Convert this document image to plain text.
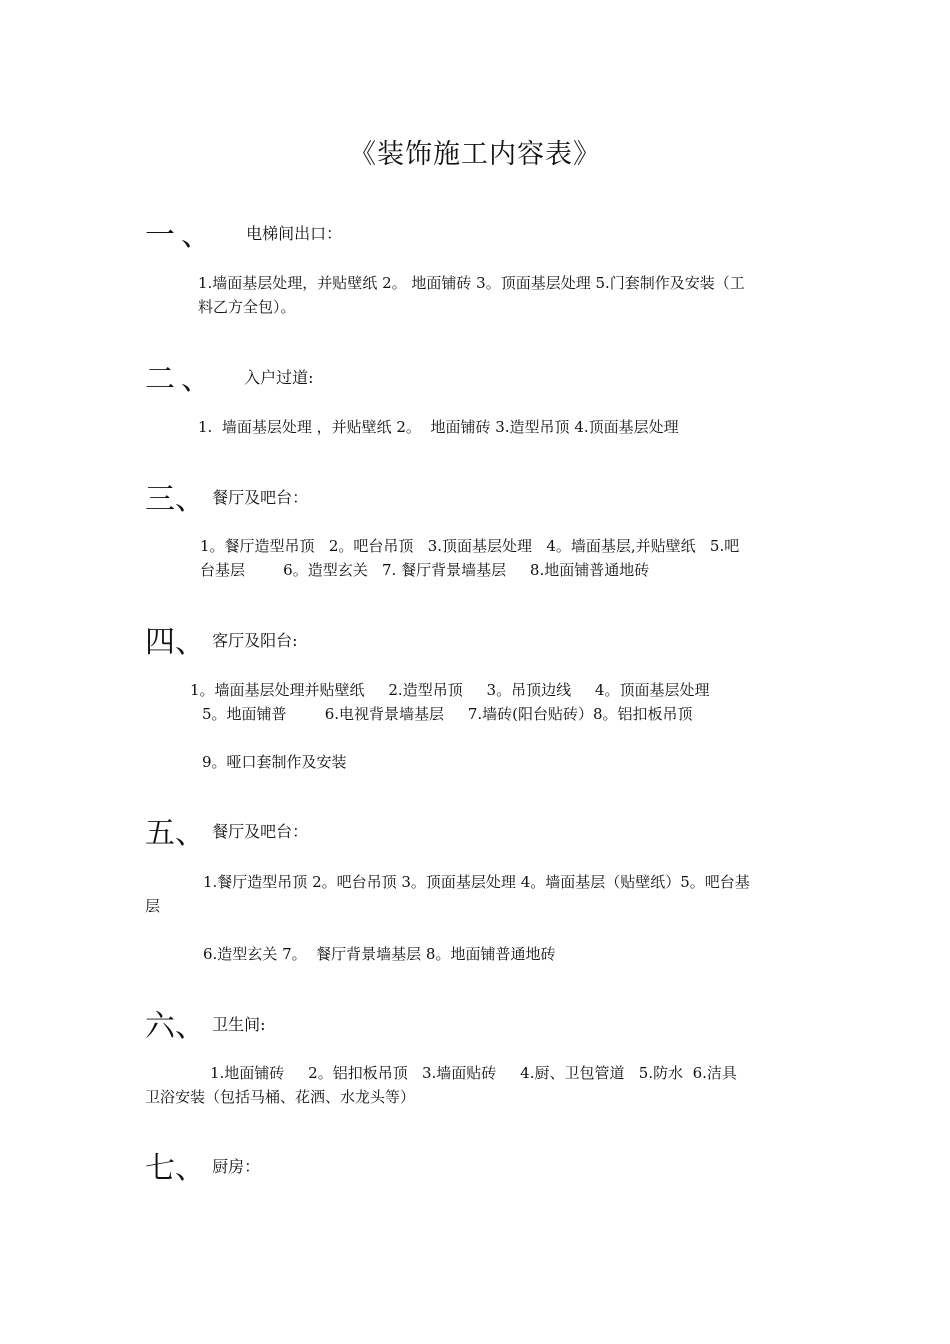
《装饰施工内容表》
一、 电梯间出口：
1.墙面基层处理，并贴壁纸 2。 地面铺砖 3。顶面基层处理 5.门套制作及安装（工
料乙方全包）。
二、 入户过道:
1.  墙面基层处理 ，并贴壁纸 2。  地面铺砖 3.造型吊顶 4.顶面基层处理
三、 餐厅及吧台：
1。餐厅造型吊顶   2。吧台吊顶   3.顶面基层处理   4。墙面基层,并贴壁纸   5.吧
台基层        6。造型玄关   7. 餐厅背景墙基层     8.地面铺普通地砖
四、 客厅及阳台:
1。墙面基层处理并贴壁纸     2.造型吊顶     3。吊顶边线     4。顶面基层处理
5。地面铺普        6.电视背景墙基层     7.墙砖(阳台贴砖）8。铝扣板吊顶
9。哑口套制作及安装
五、 餐厅及吧台：
1.餐厅造型吊顶 2。吧台吊顶 3。顶面基层处理 4。墙面基层（贴壁纸）5。吧台基
层
6.造型玄关 7。  餐厅背景墙基层 8。地面铺普通地砖
六、 卫生间:
1.地面铺砖     2。铝扣板吊顶   3.墙面贴砖     4.厨、卫包管道   5.防水  6.洁具
卫浴安装（包括马桶、花洒、水龙头等）
七、 厨房：
